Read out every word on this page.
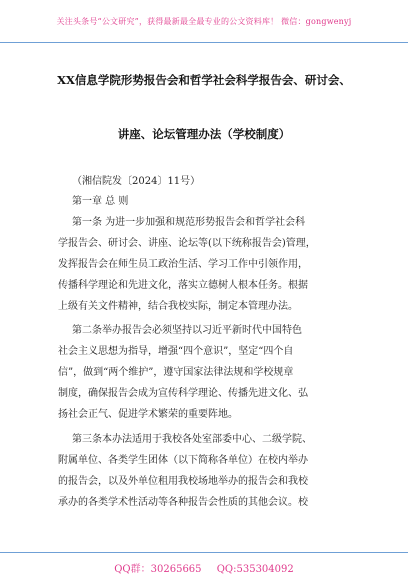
关注头条号“公文研究”，获得最新最全最专业的公文资料库！ 微信：gongwenyj
XX信息学院形势报告会和哲学社会科学报告会、研讨会、
讲座、论坛管理办法（学校制度）
（湘信院发〔2024〕11号）
第一章 总 则
第一条 为进一步加强和规范形势报告会和哲学社会科
学报告会、研讨会、讲座、论坛等(以下统称报告会)管理，
发挥报告会在师生员工政治生活、学习工作中引领作用，
传播科学理论和先进文化，落实立德树人根本任务。根据
上级有关文件精神，结合我校实际，制定本管理办法。
第二条举办报告会必须坚持以习近平新时代中国特色
社会主义思想为指导，增强“四个意识”，坚定“四个自
信”，做到“两个维护”，遵守国家法律法规和学校规章
制度，确保报告会成为宣传科学理论、传播先进文化、弘
扬社会正气、促进学术繁荣的重要阵地。
第三条本办法适用于我校各处室部委中心、二级学院、
附属单位、各类学生团体（以下简称各单位）在校内举办
的报告会，以及外单位租用我校场地举办的报告会和我校
承办的各类学术性活动等各种报告会性质的其他会议。校
QQ群：30265665 QQ:535304092
